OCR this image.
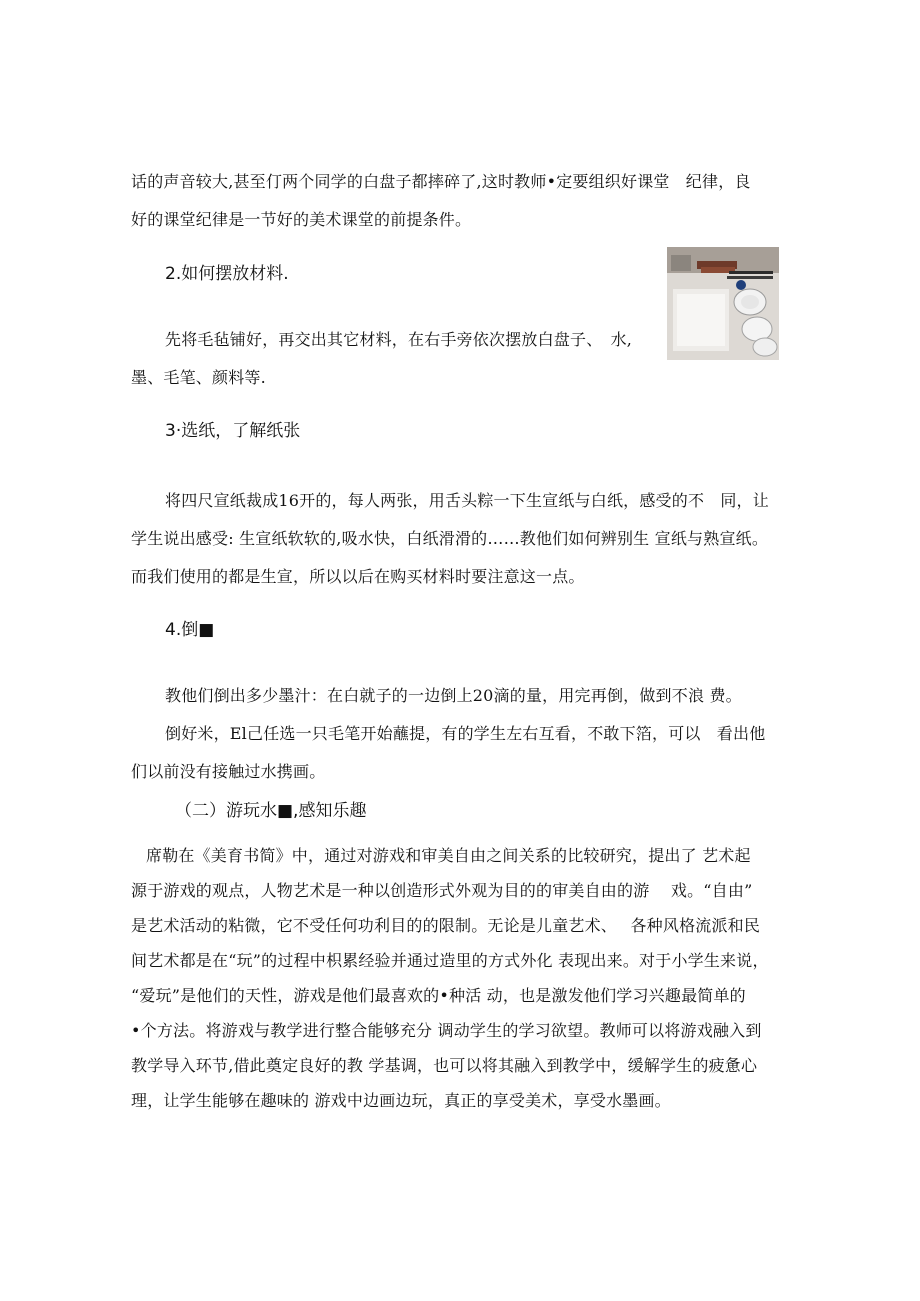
话的声音较大,甚至仃两个同学的白盘子都摔碎了,这时教师•定要组织好课堂　纪律，良
好的课堂纪律是一节好的美术课堂的前提条件。
2.如何摆放材料.
先将毛毡铺好，再交出其它材料，在右手旁依次摆放白盘子、　水,
墨、毛笔、颜料等.
3·选纸，了解纸张
将四尺宣纸裁成16开的，每人两张，用舌头粽一下生宣纸与白纸，感受的不　同，让
学生说出感受: 生宣纸软软的,吸水快，白纸滑滑的……教他们如何辨别生 宣纸与熟宣纸。
而我们使用的都是生宣，所以以后在购买材料时要注意这一点。
4.倒■
教他们倒出多少墨汁：在白就子的一边倒上20滴的量，用完再倒，做到不浪 费。
倒好米，El己任选一只毛笔开始蘸提，有的学生左右互看，不敢下箔，可以　看出他
们以前没有接触过水携画。
（二）游玩水■,感知乐趣
席勒在《美育书简》中，通过对游戏和审美自由之间关系的比较研究，提出了 艺术起
源于游戏的观点，人物艺术是一种以创造形式外观为目的的审美自由的游　 戏。“自由”
是艺术活动的粘微，它不受任何功利目的的限制。无论是儿童艺术、　 各种风格流派和民
间艺术都是在“玩”的过程中枳累经验并通过造里的方式外化 表现出来。对于小学生来说，
“爱玩”是他们的天性，游戏是他们最喜欢的•种活 动，也是激发他们学习兴趣最简单的
•个方法。将游戏与教学进行整合能够充分 调动学生的学习欲望。教师可以将游戏融入到
教学导入环节,借此奠定良好的教 学基调，也可以将其融入到教学中，缓解学生的疲惫心
理，让学生能够在趣味的 游戏中边画边玩，真正的享受美术，享受水墨画。
